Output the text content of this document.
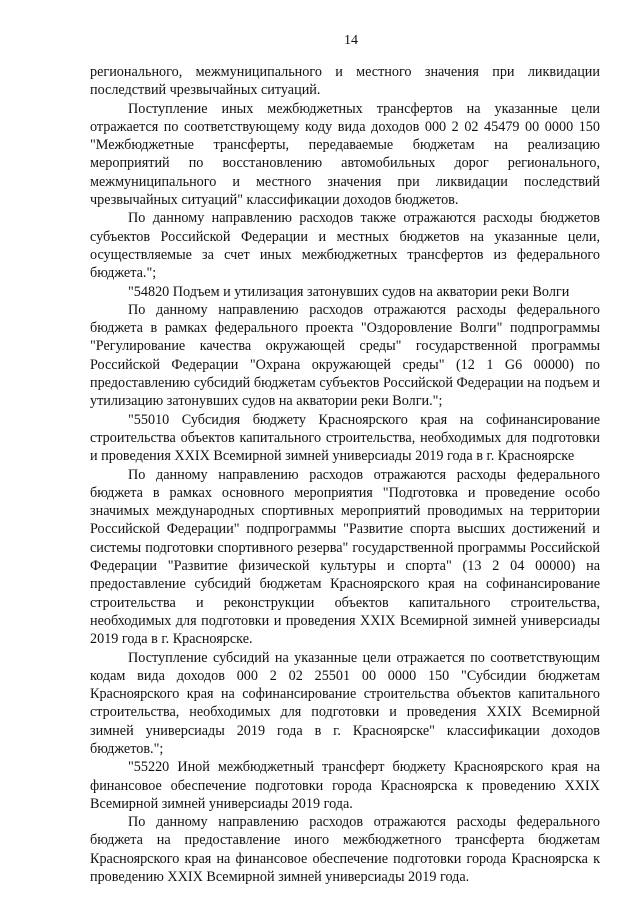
14

регионального, межмуниципального и местного значения при ликвидации последствий чрезвычайных ситуаций.

Поступление иных межбюджетных трансфертов на указанные цели отражается по соответствующему коду вида доходов 000 2 02 45479 00 0000 150 "Межбюджетные трансферты, передаваемые бюджетам на реализацию мероприятий по восстановлению автомобильных дорог регионального, межмуниципального и местного значения при ликвидации последствий чрезвычайных ситуаций" классификации доходов бюджетов.

По данному направлению расходов также отражаются расходы бюджетов субъектов Российской Федерации и местных бюджетов на указанные цели, осуществляемые за счет иных межбюджетных трансфертов из федерального бюджета.";

"54820 Подъем и утилизация затонувших судов на акватории реки Волги

По данному направлению расходов отражаются расходы федерального бюджета в рамках федерального проекта "Оздоровление Волги" подпрограммы "Регулирование качества окружающей среды" государственной программы Российской Федерации "Охрана окружающей среды" (12 1 G6 00000) по предоставлению субсидий бюджетам субъектов Российской Федерации на подъем и утилизацию затонувших судов на акватории реки Волги.";

"55010 Субсидия бюджету Красноярского края на софинансирование строительства объектов капитального строительства, необходимых для подготовки и проведения XXIX Всемирной зимней универсиады 2019 года в г. Красноярске

По данному направлению расходов отражаются расходы федерального бюджета в рамках основного мероприятия "Подготовка и проведение особо значимых международных спортивных мероприятий проводимых на территории Российской Федерации" подпрограммы "Развитие спорта высших достижений и системы подготовки спортивного резерва" государственной программы Российской Федерации "Развитие физической культуры и спорта" (13 2 04 00000) на предоставление субсидий бюджетам Красноярского края на софинансирование строительства и реконструкции объектов капитального строительства, необходимых для подготовки и проведения XXIX Всемирной зимней универсиады 2019 года в г. Красноярске.

Поступление субсидий на указанные цели отражается по соответствующим кодам вида доходов 000 2 02 25501 00 0000 150 "Субсидии бюджетам Красноярского края на софинансирование строительства объектов капитального строительства, необходимых для подготовки и проведения XXIX Всемирной зимней универсиады 2019 года в г. Красноярске" классификации доходов бюджетов.";

"55220 Иной межбюджетный трансферт бюджету Красноярского края на финансовое обеспечение подготовки города Красноярска к проведению XXIX Всемирной зимней универсиады 2019 года.

По данному направлению расходов отражаются расходы федерального бюджета на предоставление иного межбюджетного трансферта бюджетам Красноярского края на финансовое обеспечение подготовки города Красноярска к проведению XXIX Всемирной зимней универсиады 2019 года.
